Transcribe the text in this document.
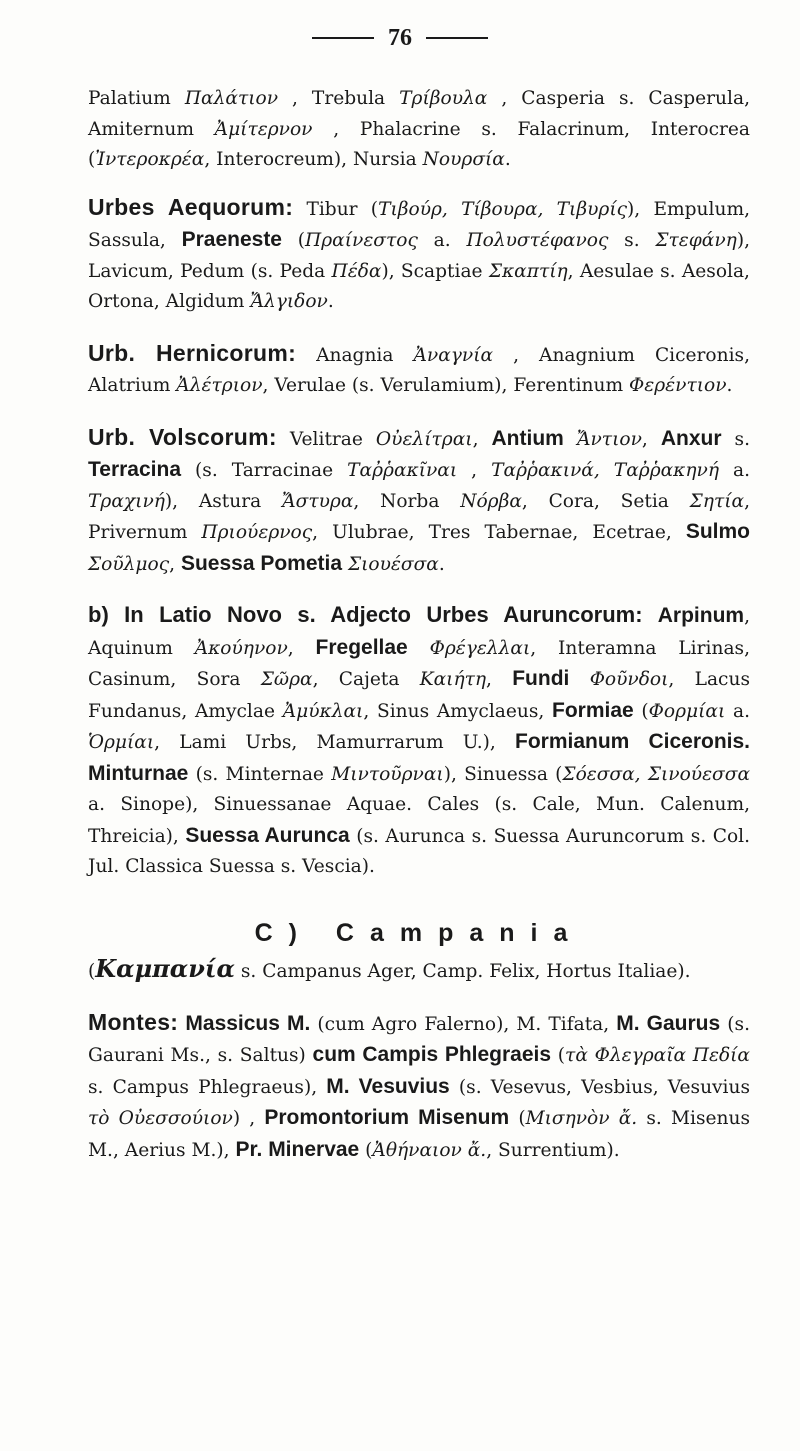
76

Palatium Παλάτιον , Trebula Τρίβουλα , Casperia s. Casperula, Amiternum Ἀμίτερνον , Phalacrine s. Falacrinum, Interocrea (Ἰντεροκρέα, Interocreum), Nursia Νουρσία.

Urbes Aequorum: Tibur (Τιβούρ, Τίβουρα, Τιβυρίς), Empulum, Sassula, Praeneste (Πραίνεστος a. Πολυστέφανος s. Στεφάνη), Lavicum, Pedum (s. Peda Πέδα), Scaptiae Σκαπτίη, Aesulae s. Aesola, Ortona, Algidum Ἄλγιδον.

Urb. Hernicorum: Anagnia Ἀναγνία , Anagnium Ciceronis, Alatrium Ἀλέτριον, Verulae (s. Verulamium), Ferentinum Φερέντιον.

Urb. Volscorum: Velitrae Οὐελίτραι, Antium Ἄντιον, Anxur s. Terracina (s. Tarracinae Ταῤῥακῖναι , Ταῤῥακινά, Ταῤῥακηνή a. Τραχινή), Astura Ἄστυρα, Norba Νόρβα, Cora, Setia Σητία, Privernum Πριούερνος, Ulubrae, Tres Tabernae, Ecetrae, Sulmo Σοῦλμος, Suessa Pometia Σιουέσσα.

b) In Latio Novo s. Adjecto Urbes Auruncorum: Arpinum, Aquinum Ἀκούηνον, Fregellae Φρέγελλαι, Interamna Lirinas, Casinum, Sora Σῶρα, Cajeta Καιήτη, Fundi Φοῦνδοι, Lacus Fundanus, Amyclae Ἀμύκλαι, Sinus Amyclaeus, Formiae (Φορμίαι a. Ὁρμίαι, Lami Urbs, Mamurrarum U.), Formianum Ciceronis. Minturnae (s. Minternae Μιντοῦρναι), Sinuessa (Σόεσσα, Σινούεσσα a. Sinope), Sinuessanae Aquae. Cales (s. Cale, Mun. Calenum, Threicia), Suessa Aurunca (s. Aurunca s. Suessa Auruncorum s. Col. Jul. Classica Suessa s. Vescia).

C) Campania

(Καμπανία s. Campanus Ager, Camp. Felix, Hortus Italiae).

Montes: Massicus M. (cum Agro Falerno), M. Tifata, M. Gaurus (s. Gaurani Ms., s. Saltus) cum Campis Phlegraeis (τὰ Φλεγραῖα Πεδία s. Campus Phlegraeus), M. Vesuvius (s. Vesevus, Vesbius, Vesuvius τὸ Οὐεσσούιον) , Promontorium Misenum (Μισηνὸν ἄ. s. Misenus M., Aerius M.), Pr. Minervae (Ἀθήναιον ἄ., Surrentium).
